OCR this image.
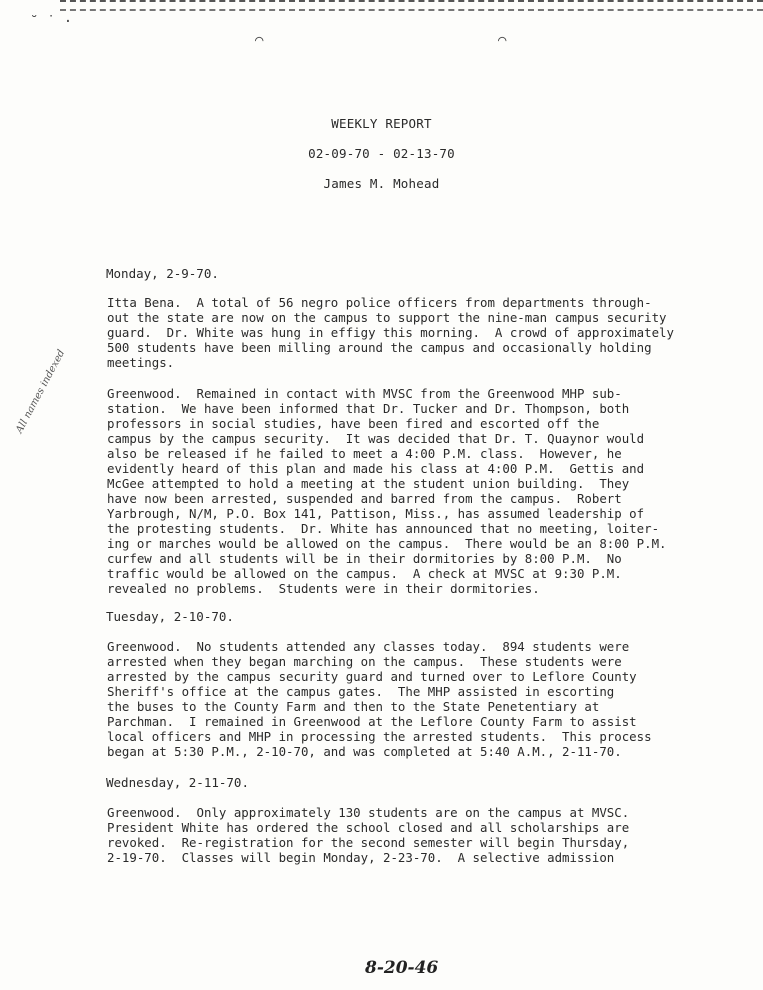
˘ ˙ ·
⌒	⌒
WEEKLY REPORT
02-09-70 - 02-13-70
James M. Mohead
Monday, 2-9-70.
Itta Bena.  A total of 56 negro police officers from departments through-
out the state are now on the campus to support the nine-man campus security
guard.  Dr. White was hung in effigy this morning.  A crowd of approximately
500 students have been milling around the campus and occasionally holding
meetings.
Greenwood.  Remained in contact with MVSC from the Greenwood MHP sub-
station.  We have been informed that Dr. Tucker and Dr. Thompson, both
professors in social studies, have been fired and escorted off the
campus by the campus security.  It was decided that Dr. T. Quaynor would
also be released if he failed to meet a 4:00 P.M. class.  However, he
evidently heard of this plan and made his class at 4:00 P.M.  Gettis and
McGee attempted to hold a meeting at the student union building.  They
have now been arrested, suspended and barred from the campus.  Robert
Yarbrough, N/M, P.O. Box 141, Pattison, Miss., has assumed leadership of
the protesting students.  Dr. White has announced that no meeting, loiter-
ing or marches would be allowed on the campus.  There would be an 8:00 P.M.
curfew and all students will be in their dormitories by 8:00 P.M.  No
traffic would be allowed on the campus.  A check at MVSC at 9:30 P.M.
revealed no problems.  Students were in their dormitories.
Tuesday, 2-10-70.
Greenwood.  No students attended any classes today.  894 students were
arrested when they began marching on the campus.  These students were
arrested by the campus security guard and turned over to Leflore County
Sheriff's office at the campus gates.  The MHP assisted in escorting
the buses to the County Farm and then to the State Penetentiary at
Parchman.  I remained in Greenwood at the Leflore County Farm to assist
local officers and MHP in processing the arrested students.  This process
began at 5:30 P.M., 2-10-70, and was completed at 5:40 A.M., 2-11-70.
Wednesday, 2-11-70.
Greenwood.  Only approximately 130 students are on the campus at MVSC.
President White has ordered the school closed and all scholarships are
revoked.  Re-registration for the second semester will begin Thursday,
2-19-70.  Classes will begin Monday, 2-23-70.  A selective admission
All names indexed
8-20-46
